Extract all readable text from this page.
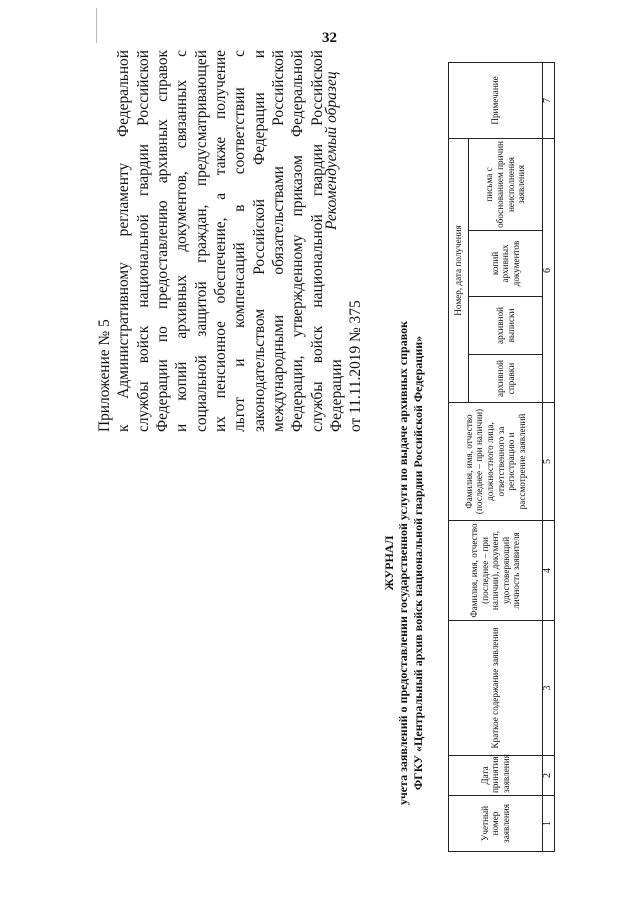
32
Приложение № 5 к Административному регламенту Федеральной службы войск национальной гвардии Российской Федерации по предоставлению архивных справок и копий архивных документов, связанных с социальной защитой граждан, предусматривающей их пенсионное обеспечение, а также получение льгот и компенсаций в соответствии с законодательством Российской Федерации и международными обязательствами Российской Федерации, утвержденному приказом Федеральной службы войск национальной гвардии Российской Федерации от 11.11.2019 № 375
Рекомендуемый образец
ЖУРНАЛ учета заявлений о предоставлении государственной услуги по выдаче архивных справок ФГКУ «Центральный архив войск национальной гвардии Российской Федерации»
Учетный номер заявления	Дата принятия заявления	Краткое содержание заявления	Фамилия, имя, отчество (последнее – при наличии), документ, удостоверяющий личность заявителя	Фамилия, имя, отчество (последнее – при наличии) должностного лица, ответственного за регистрацию и рассмотрение заявлений	Номер, дата получения				Примечание
					архивной справки	архивной выписки	копий архивных документов	письма с обоснованием причин неисполнения заявления	
1	2	3	4	5	6				7
